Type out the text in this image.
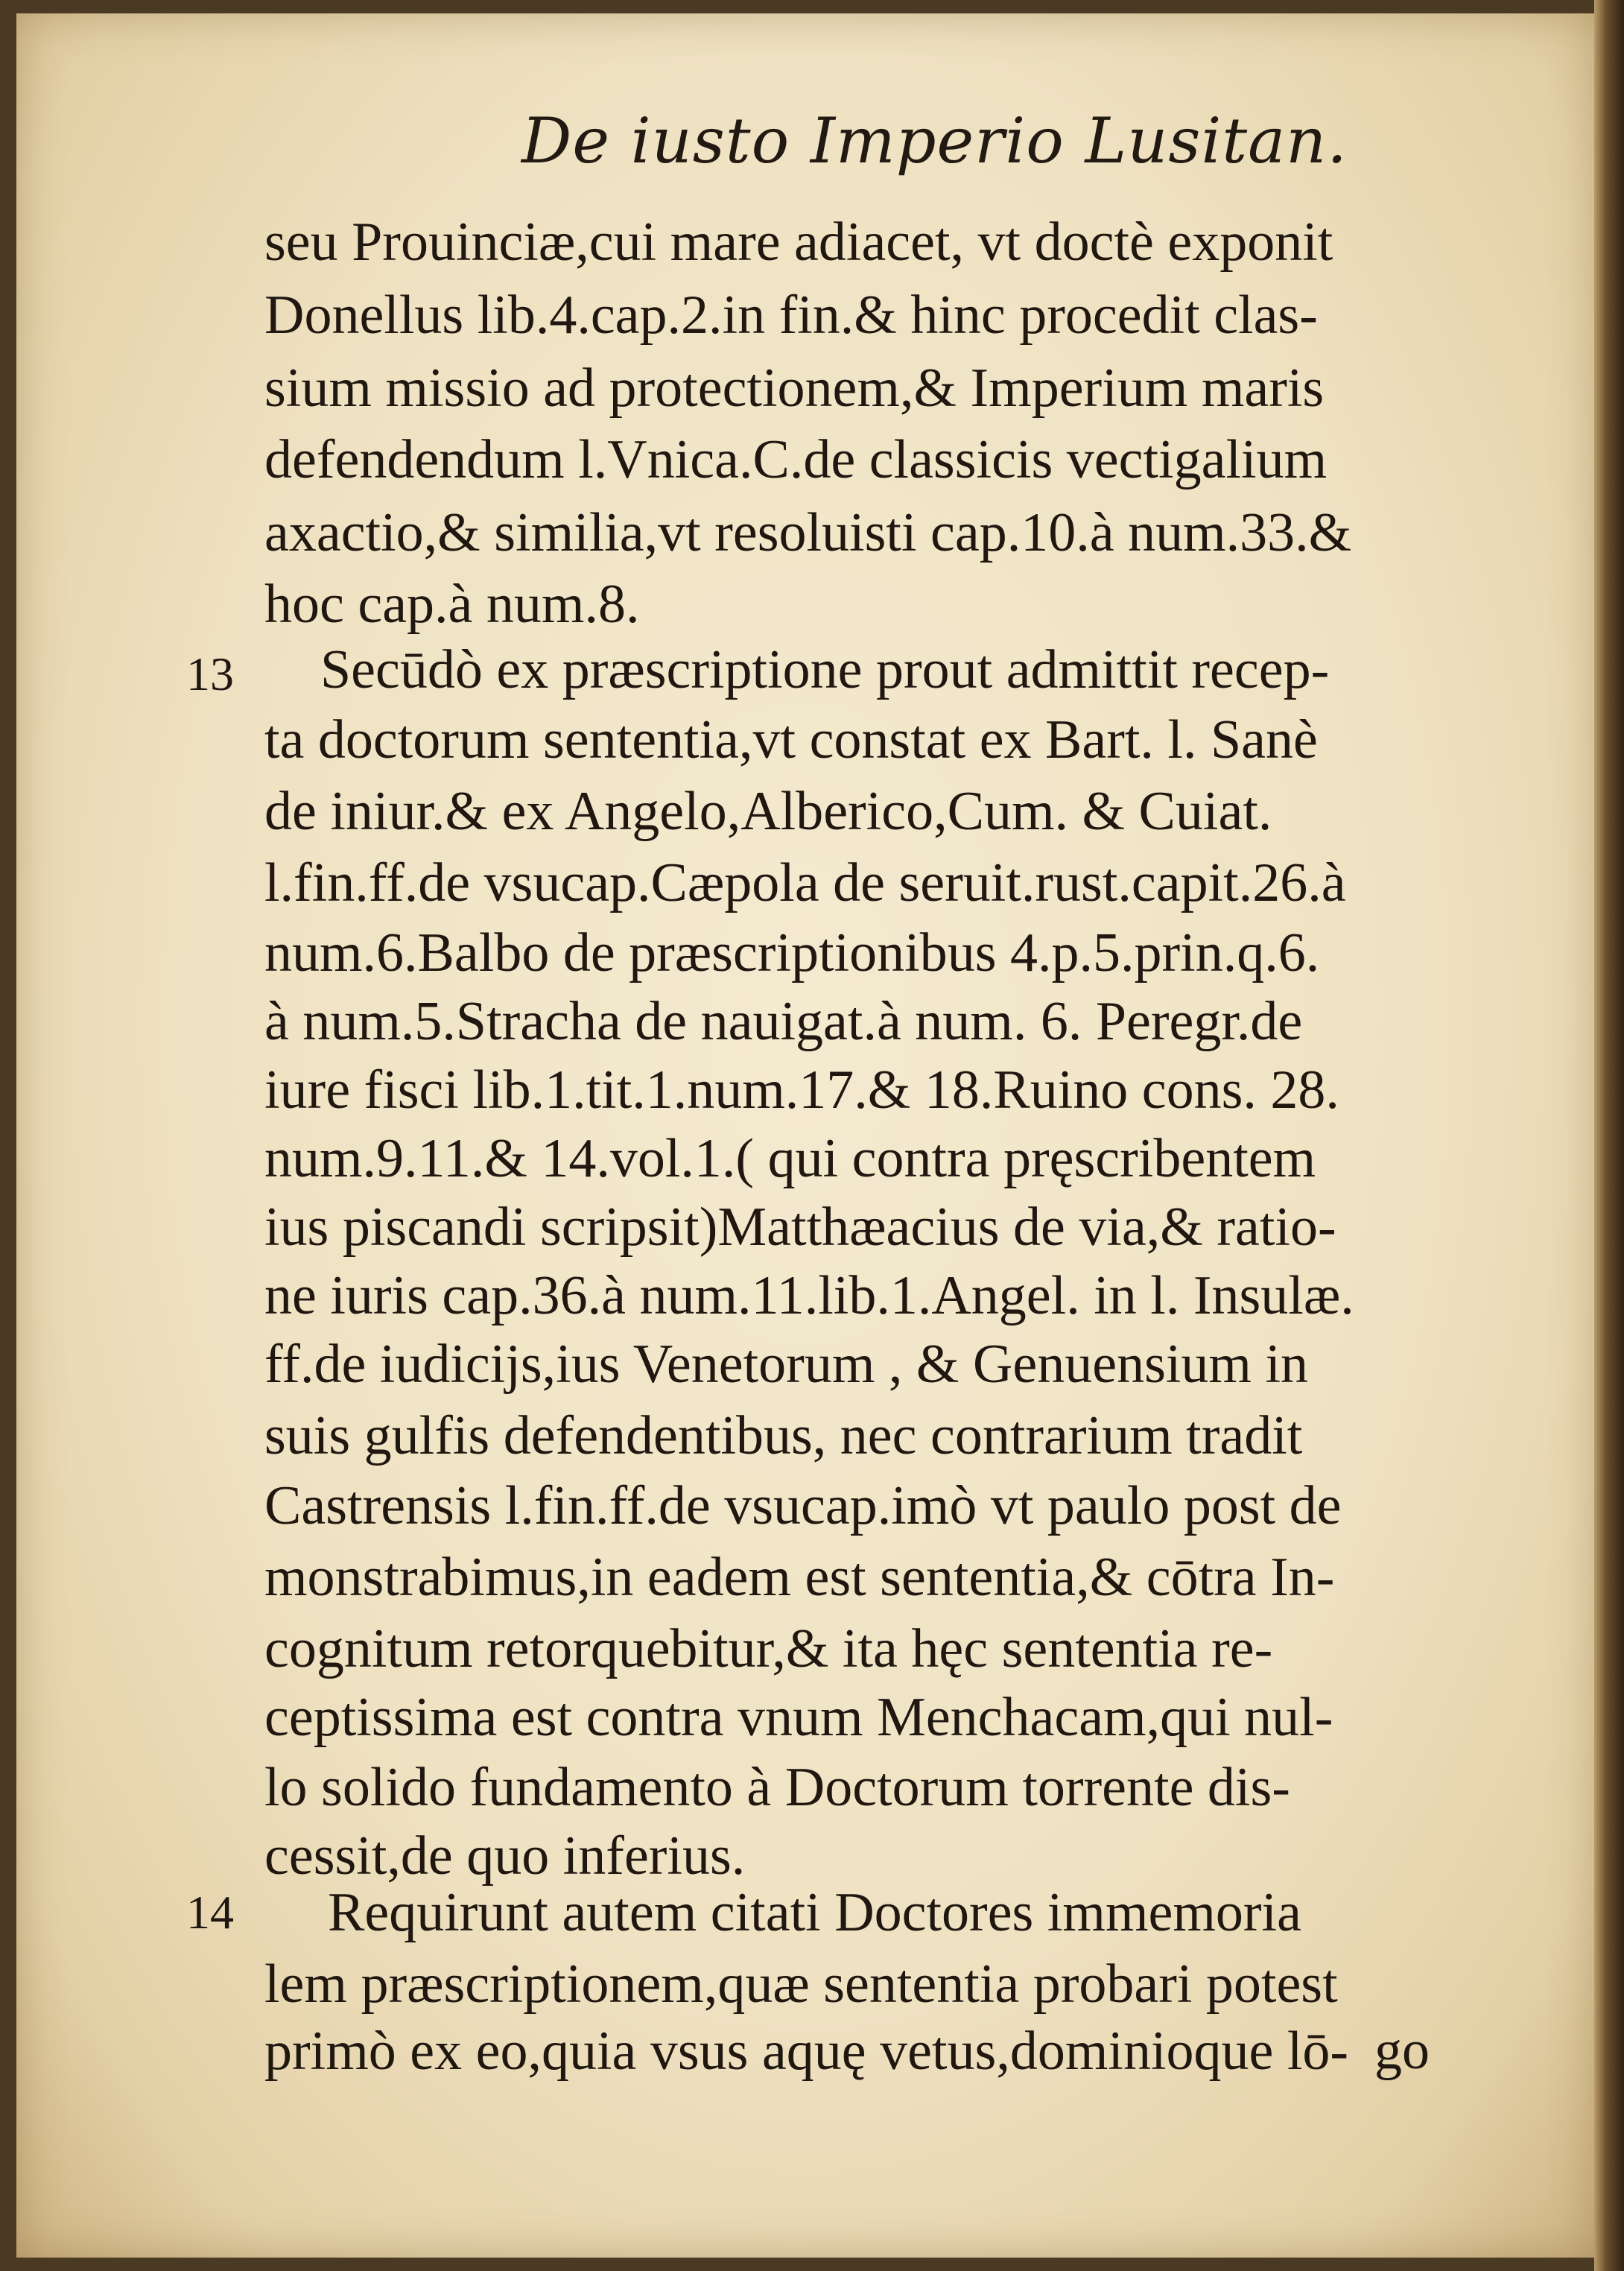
De iusto Imperio Lusitan.
seu Prouinciæ,cui mare adiacet, vt doctè exponit
Donellus lib.4.cap.2.in fin.& hinc procedit clas-
sium missio ad protectionem,& Imperium maris
defendendum l.Vnica.C.de classicis vectigalium
axactio,& similia,vt resoluisti cap.10.à num.33.&
hoc cap.à num.8.
Secūdò ex præscriptione prout admittit recep-
ta doctorum sententia,vt constat ex Bart. l. Sanè
de iniur.& ex Angelo,Alberico,Cum. & Cuiat.
l.fin.ff.de vsucap.Cæpola de seruit.rust.capit.26.à
num.6.Balbo de præscriptionibus 4.p.5.prin.q.6.
à num.5.Stracha de nauigat.à num. 6. Peregr.de
iure fisci lib.1.tit.1.num.17.& 18.Ruino cons. 28.
num.9.11.& 14.vol.1.( qui contra pręscribentem
ius piscandi scripsit)Matthæacius de via,& ratio-
ne iuris cap.36.à num.11.lib.1.Angel. in l. Insulæ.
ff.de iudicijs,ius Venetorum , & Genuensium in
suis gulfis defendentibus, nec contrarium tradit
Castrensis l.fin.ff.de vsucap.imò vt paulo post de
monstrabimus,in eadem est sententia,& cōtra In-
cognitum retorquebitur,& ita hęc sententia re-
ceptissima est contra vnum Menchacam,qui nul-
lo solido fundamento à Doctorum torrente dis-
cessit,de quo inferius.
Requirunt autem citati Doctores immemoria
lem præscriptionem,quæ sententia probari potest
primò ex eo,quia vsus aquę vetus,dominioque lō-
13
14
go
